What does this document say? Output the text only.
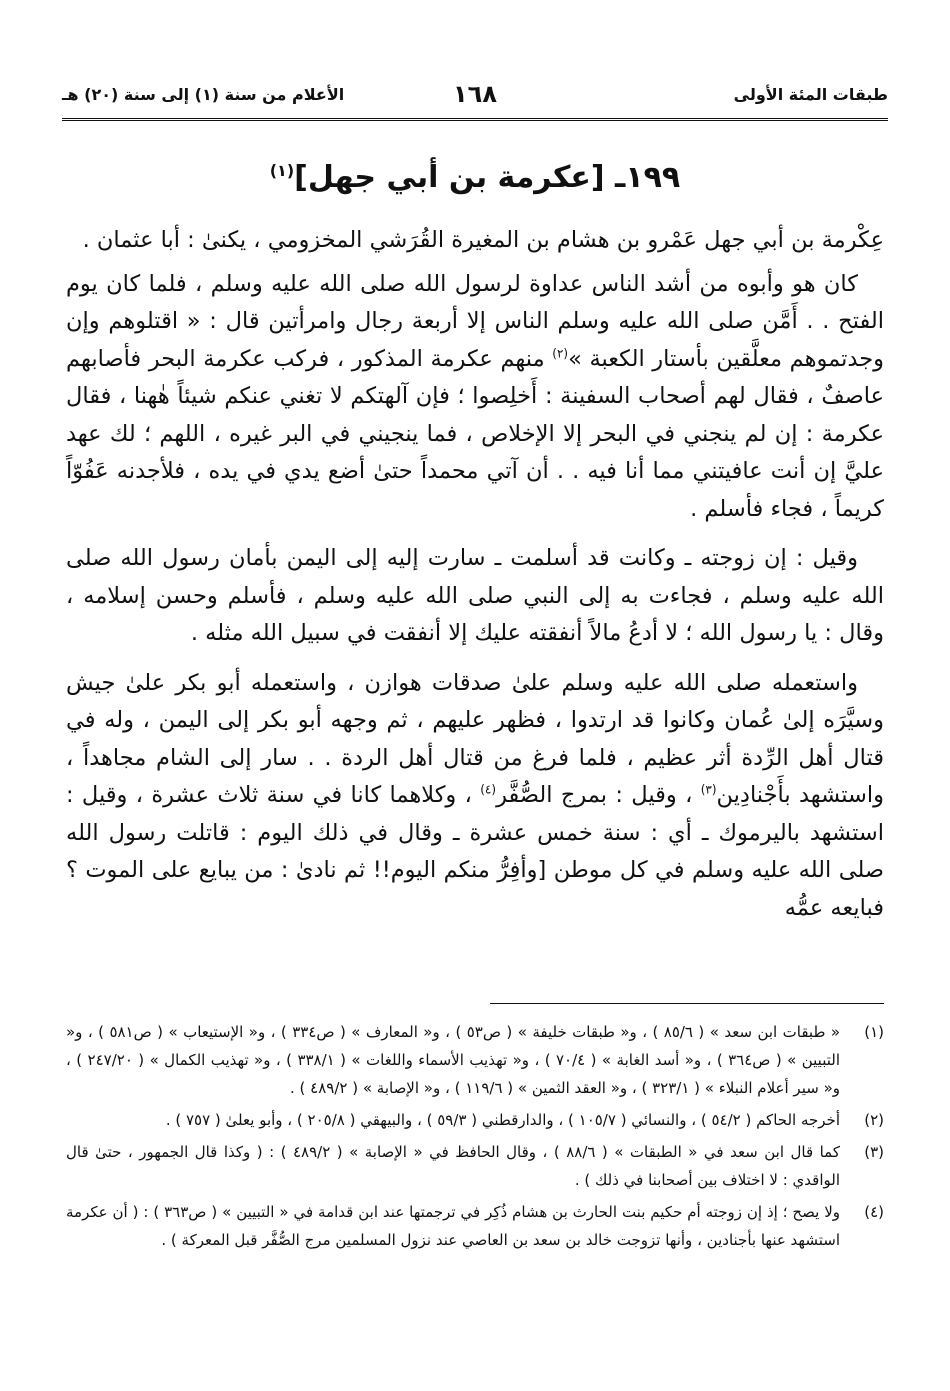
طبقات المئة الأولى
١٦٨
الأعلام من سنة (١) إلى سنة (٢٠) هـ
١٩٩ـ [عكرمة بن أبي جهل]$^{(١)}$

عِكْرمة بن أبي جهل عَمْرو بن هشام بن المغيرة القُرَشي المخزومي ، يكنىٰ : أبا عثمان .

كان هو وأبوه من أشد الناس عداوة لرسول الله صلى الله عليه وسلم ، فلما كان يوم الفتح . . أَمَّن صلى الله عليه وسلم الناس إلا أربعة رجال وامرأتين قال : « اقتلوهم وإن وجدتموهم معلَّقين بأستار الكعبة »$^{(٢)}$ منهم عكرمة المذكور ، فركب عكرمة البحر فأصابهم عاصفٌ ، فقال لهم أصحاب السفينة : أَخلِصوا ؛ فإن آلهتكم لا تغني عنكم شيئاً هٰهنا ، فقال عكرمة : إن لم ينجني في البحر إلا الإخلاص ، فما ينجيني في البر غيره ، اللهم ؛ لك عهد عليَّ إن أنت عافيتني مما أنا فيه . . أن آتي محمداً حتىٰ أضع يدي في يده ، فلأجدنه عَفُوّاً كريماً ، فجاء فأسلم .

وقيل : إن زوجته ـ وكانت قد أسلمت ـ سارت إليه إلى اليمن بأمان رسول الله صلى الله عليه وسلم ، فجاءت به إلى النبي صلى الله عليه وسلم ، فأسلم وحسن إسلامه ، وقال : يا رسول الله ؛ لا أدعُ مالاً أنفقته عليك إلا أنفقت في سبيل الله مثله .

واستعمله صلى الله عليه وسلم علىٰ صدقات هوازن ، واستعمله أبو بكر علىٰ جيش وسيَّرَه إلىٰ عُمان وكانوا قد ارتدوا ، فظهر عليهم ، ثم وجهه أبو بكر إلى اليمن ، وله في قتال أهل الرِّدة أثر عظيم ، فلما فرغ من قتال أهل الردة . . سار إلى الشام مجاهداً ، واستشهد بأَجْنادِين$^{(٣)}$ ، وقيل : بمرج الصُّفَّر$^{(٤)}$ ، وكلاهما كانا في سنة ثلاث عشرة ، وقيل : استشهد باليرموك ـ أي : سنة خمس عشرة ـ وقال في ذلك اليوم : قاتلت رسول الله صلى الله عليه وسلم في كل موطن [وأفِرُّ منكم اليوم!! ثم نادىٰ : من يبايع على الموت ؟ فبايعه عمُّه

(١)
« طبقات ابن سعد » ( ٨٥/٦ ) ، و« طبقات خليفة » ( ص٥٣ ) ، و« المعارف » ( ص٣٣٤ ) ، و« الإستيعاب » ( ص٥٨١ ) ، و« التبيين » ( ص٣٦٤ ) ، و« أسد الغابة » ( ٧٠/٤ ) ، و« تهذيب الأسماء واللغات » ( ٣٣٨/١ ) ، و« تهذيب الكمال » ( ٢٤٧/٢٠ ) ، و« سير أعلام النبلاء » ( ٣٢٣/١ ) ، و« العقد الثمين » ( ١١٩/٦ ) ، و« الإصابة » ( ٤٨٩/٢ ) .
(٢)
أخرجه الحاكم ( ٥٤/٢ ) ، والنسائي ( ١٠٥/٧ ) ، والدارقطني ( ٥٩/٣ ) ، والبيهقي ( ٢٠٥/٨ ) ، وأبو يعلىٰ ( ٧٥٧ ) .
(٣)
كما قال ابن سعد في « الطبقات » ( ٨٨/٦ ) ، وقال الحافظ في « الإصابة » ( ٤٨٩/٢ ) : ( وكذا قال الجمهور ، حتىٰ قال الواقدي : لا اختلاف بين أصحابنا في ذلك ) .
(٤)
ولا يصح ؛ إذ إن زوجته أم حكيم بنت الحارث بن هشام ذُكِر في ترجمتها عند ابن قدامة في « التبيين » ( ص٣٦٣ ) : ( أن عكرمة استشهد عنها بأجنادين ، وأنها تزوجت خالد بن سعد بن العاصي عند نزول المسلمين مرج الصُّفَّر قبل المعركة ) .
